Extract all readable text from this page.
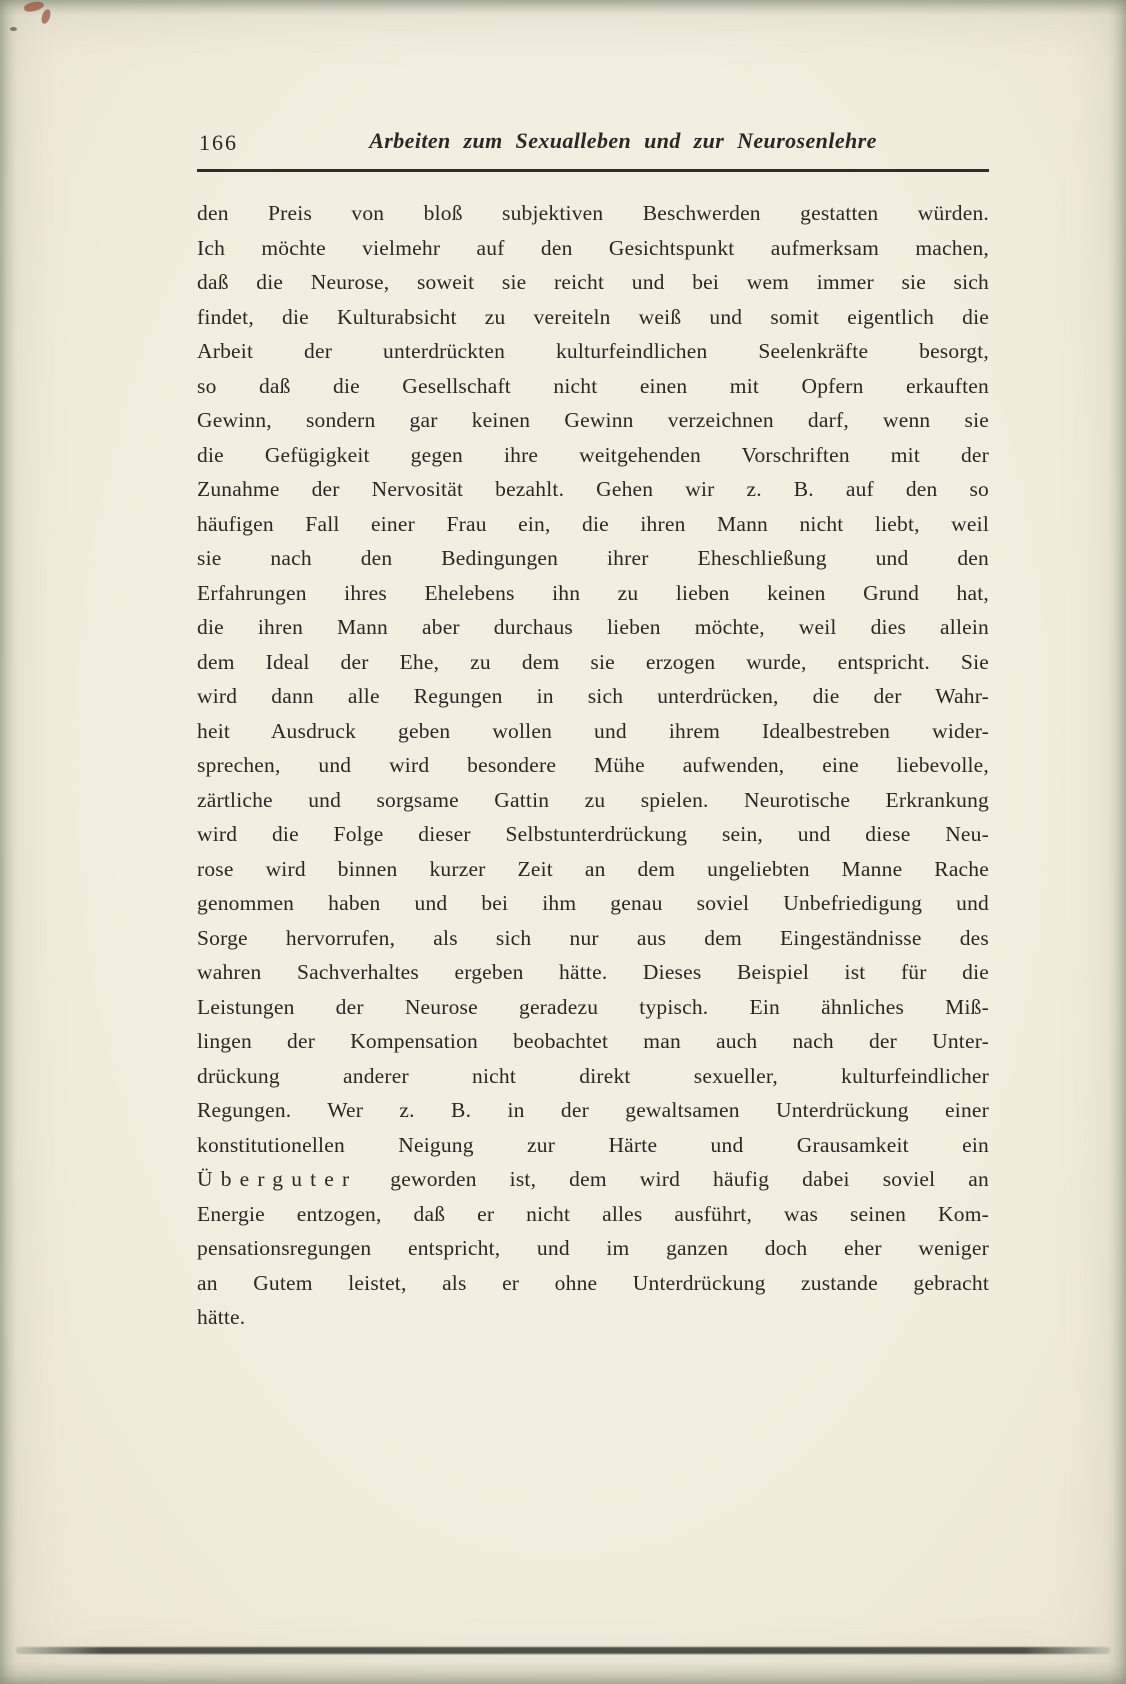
166	Arbeiten zum Sexualleben und zur Neurosenlehre
den Preis von bloß subjektiven Beschwerden gestatten würden.
Ich möchte vielmehr auf den Gesichtspunkt aufmerksam machen,
daß die Neurose, soweit sie reicht und bei wem immer sie sich
findet, die Kulturabsicht zu vereiteln weiß und somit eigentlich die
Arbeit der unterdrückten kulturfeindlichen Seelenkräfte besorgt,
so daß die Gesellschaft nicht einen mit Opfern erkauften
Gewinn, sondern gar keinen Gewinn verzeichnen darf, wenn sie
die Gefügigkeit gegen ihre weitgehenden Vorschriften mit der
Zunahme der Nervosität bezahlt. Gehen wir z. B. auf den so
häufigen Fall einer Frau ein, die ihren Mann nicht liebt, weil
sie nach den Bedingungen ihrer Eheschließung und den
Erfahrungen ihres Ehelebens ihn zu lieben keinen Grund hat,
die ihren Mann aber durchaus lieben möchte, weil dies allein
dem Ideal der Ehe, zu dem sie erzogen wurde, entspricht. Sie
wird dann alle Regungen in sich unterdrücken, die der Wahr-
heit Ausdruck geben wollen und ihrem Idealbestreben wider-
sprechen, und wird besondere Mühe aufwenden, eine liebevolle,
zärtliche und sorgsame Gattin zu spielen. Neurotische Erkrankung
wird die Folge dieser Selbstunterdrückung sein, und diese Neu-
rose wird binnen kurzer Zeit an dem ungeliebten Manne Rache
genommen haben und bei ihm genau soviel Unbefriedigung und
Sorge hervorrufen, als sich nur aus dem Eingeständnisse des
wahren Sachverhaltes ergeben hätte. Dieses Beispiel ist für die
Leistungen der Neurose geradezu typisch. Ein ähnliches Miß-
lingen der Kompensation beobachtet man auch nach der Unter-
drückung anderer nicht direkt sexueller, kulturfeindlicher
Regungen. Wer z. B. in der gewaltsamen Unterdrückung einer
konstitutionellen Neigung zur Härte und Grausamkeit ein
Überguter geworden ist, dem wird häufig dabei soviel an
Energie entzogen, daß er nicht alles ausführt, was seinen Kom-
pensationsregungen entspricht, und im ganzen doch eher weniger
an Gutem leistet, als er ohne Unterdrückung zustande gebracht
hätte.
